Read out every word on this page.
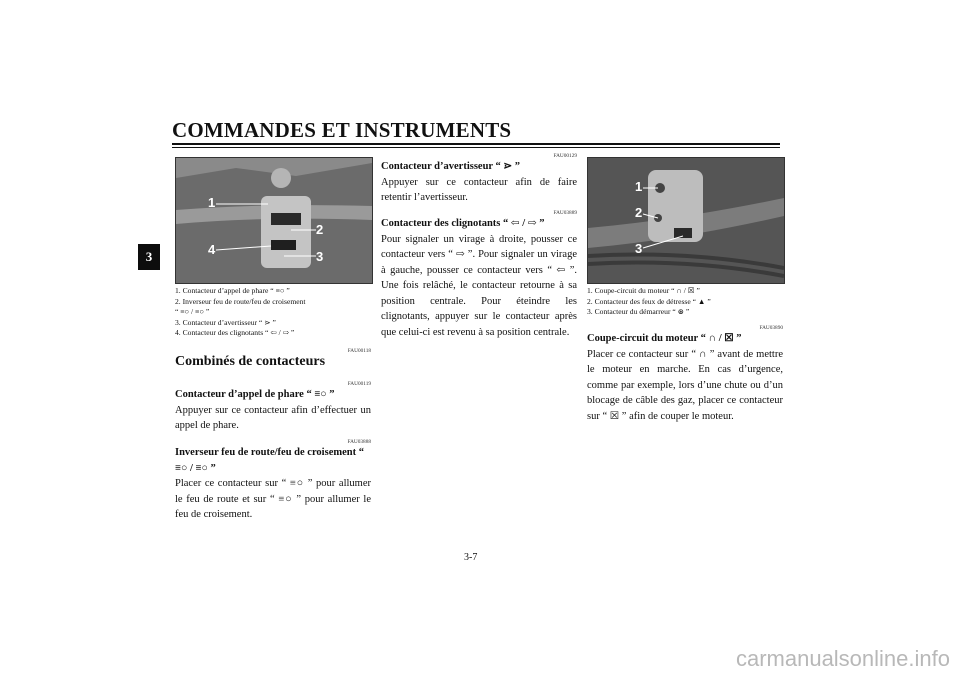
COMMANDES ET INSTRUMENTS
3
1
2
3
4
1. Contacteur d’appel de phare “ ≡○ ”
2. Inverseur feu de route/feu de croisement
“ ≡○ / ≡○ ”
3. Contacteur d’avertisseur “ ⋗ ”
4. Contacteur des clignotants “ ⇦ / ⇨ ”
FAU00118
Combinés de contacteurs
FAU00119
Contacteur d’appel de phare “ ≡○ ”

Appuyer sur ce contacteur afin d’effectuer un appel de phare.

FAU03888
Inverseur feu de route/feu de croisement “ ≡○ / ≡○ ”

Placer ce contacteur sur “ ≡○ ” pour allumer le feu de route et sur “ ≡○ ” pour allumer le feu de croisement.

FAU00129
Contacteur d’avertisseur “ ⋗ ”

Appuyer sur ce contacteur afin de faire retentir l’avertisseur.

FAU03889
Contacteur des clignotants “ ⇦ / ⇨ ”

Pour signaler un virage à droite, pousser ce contacteur vers “ ⇨ ”. Pour signaler un virage à gauche, pousser ce contacteur vers “ ⇦ ”. Une fois relâché, le contacteur retourne à sa position centrale. Pour éteindre les clignotants, appuyer sur le contacteur après que celui-ci est revenu à sa position centrale.

1
2
3
1. Coupe-circuit du moteur “ ∩ / ☒ ”
2. Contacteur des feux de détresse “ ▲ ”
3. Contacteur du démarreur “ ⊛ ”
FAU03890
Coupe-circuit du moteur “ ∩ / ☒ ”

Placer ce contacteur sur “ ∩ ” avant de mettre le moteur en marche. En cas d’urgence, comme par exemple, lors d’une chute ou d’un blocage de câble des gaz, placer ce contacteur sur “ ☒ ” afin de couper le moteur.

3-7
carmanualsonline.info
